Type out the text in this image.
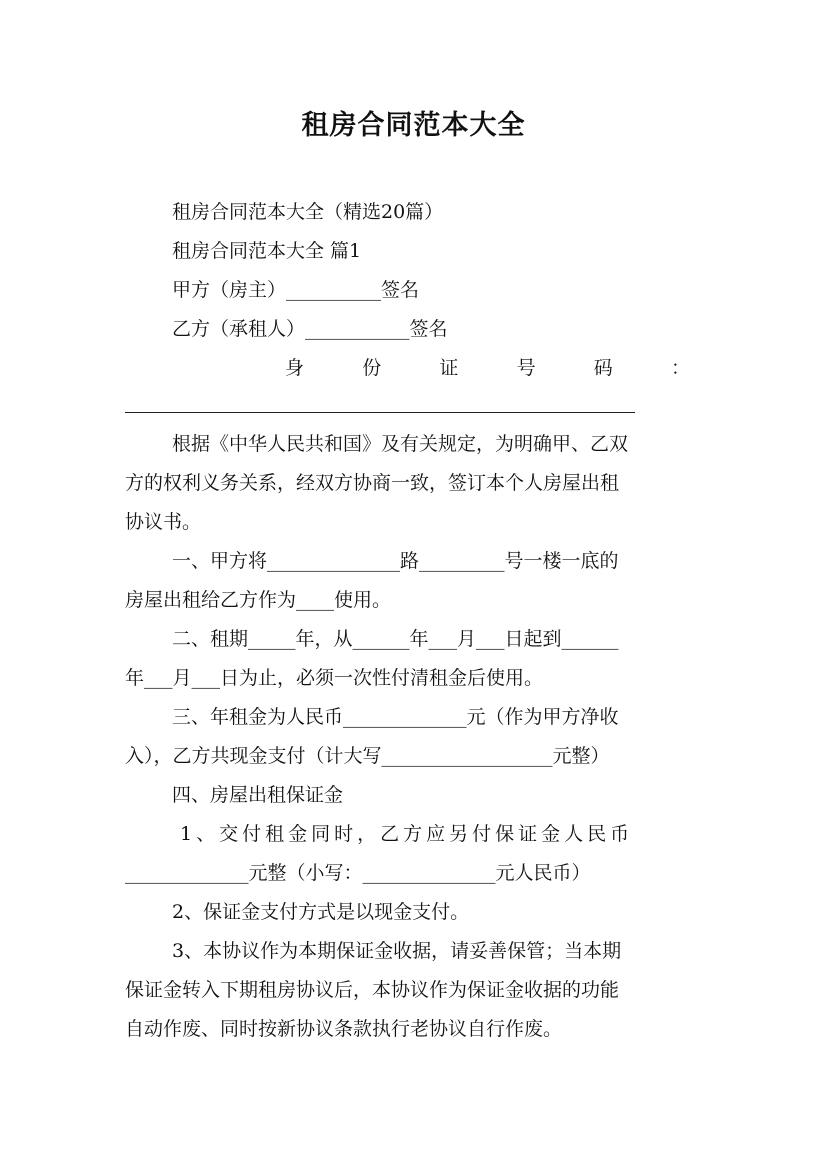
租房合同范本大全
租房合同范本大全（精选20篇）
租房合同范本大全 篇1
甲方（房主）__________签名
乙方（承租人）___________签名
身	份	证	号	码	：
根据《中华人民共和国》及有关规定，为明确甲、乙双
方的权利义务关系，经双方协商一致，签订本个人房屋出租
协议书。
一、甲方将______________路_________号一楼一底的
房屋出租给乙方作为____使用。
二、租期_____年，从______年___月___日起到______
年___月___日为止，必须一次性付清租金后使用。
三、年租金为人民币_____________元（作为甲方净收
入），乙方共现金支付（计大写__________________元整）
四、房屋出租保证金
1、交付租金同时，乙方应另付保证金人民币
_____________元整（小写：______________元人民币）
2、保证金支付方式是以现金支付。
3、本协议作为本期保证金收据，请妥善保管；当本期
保证金转入下期租房协议后，本协议作为保证金收据的功能
自动作废、同时按新协议条款执行老协议自行作废。
